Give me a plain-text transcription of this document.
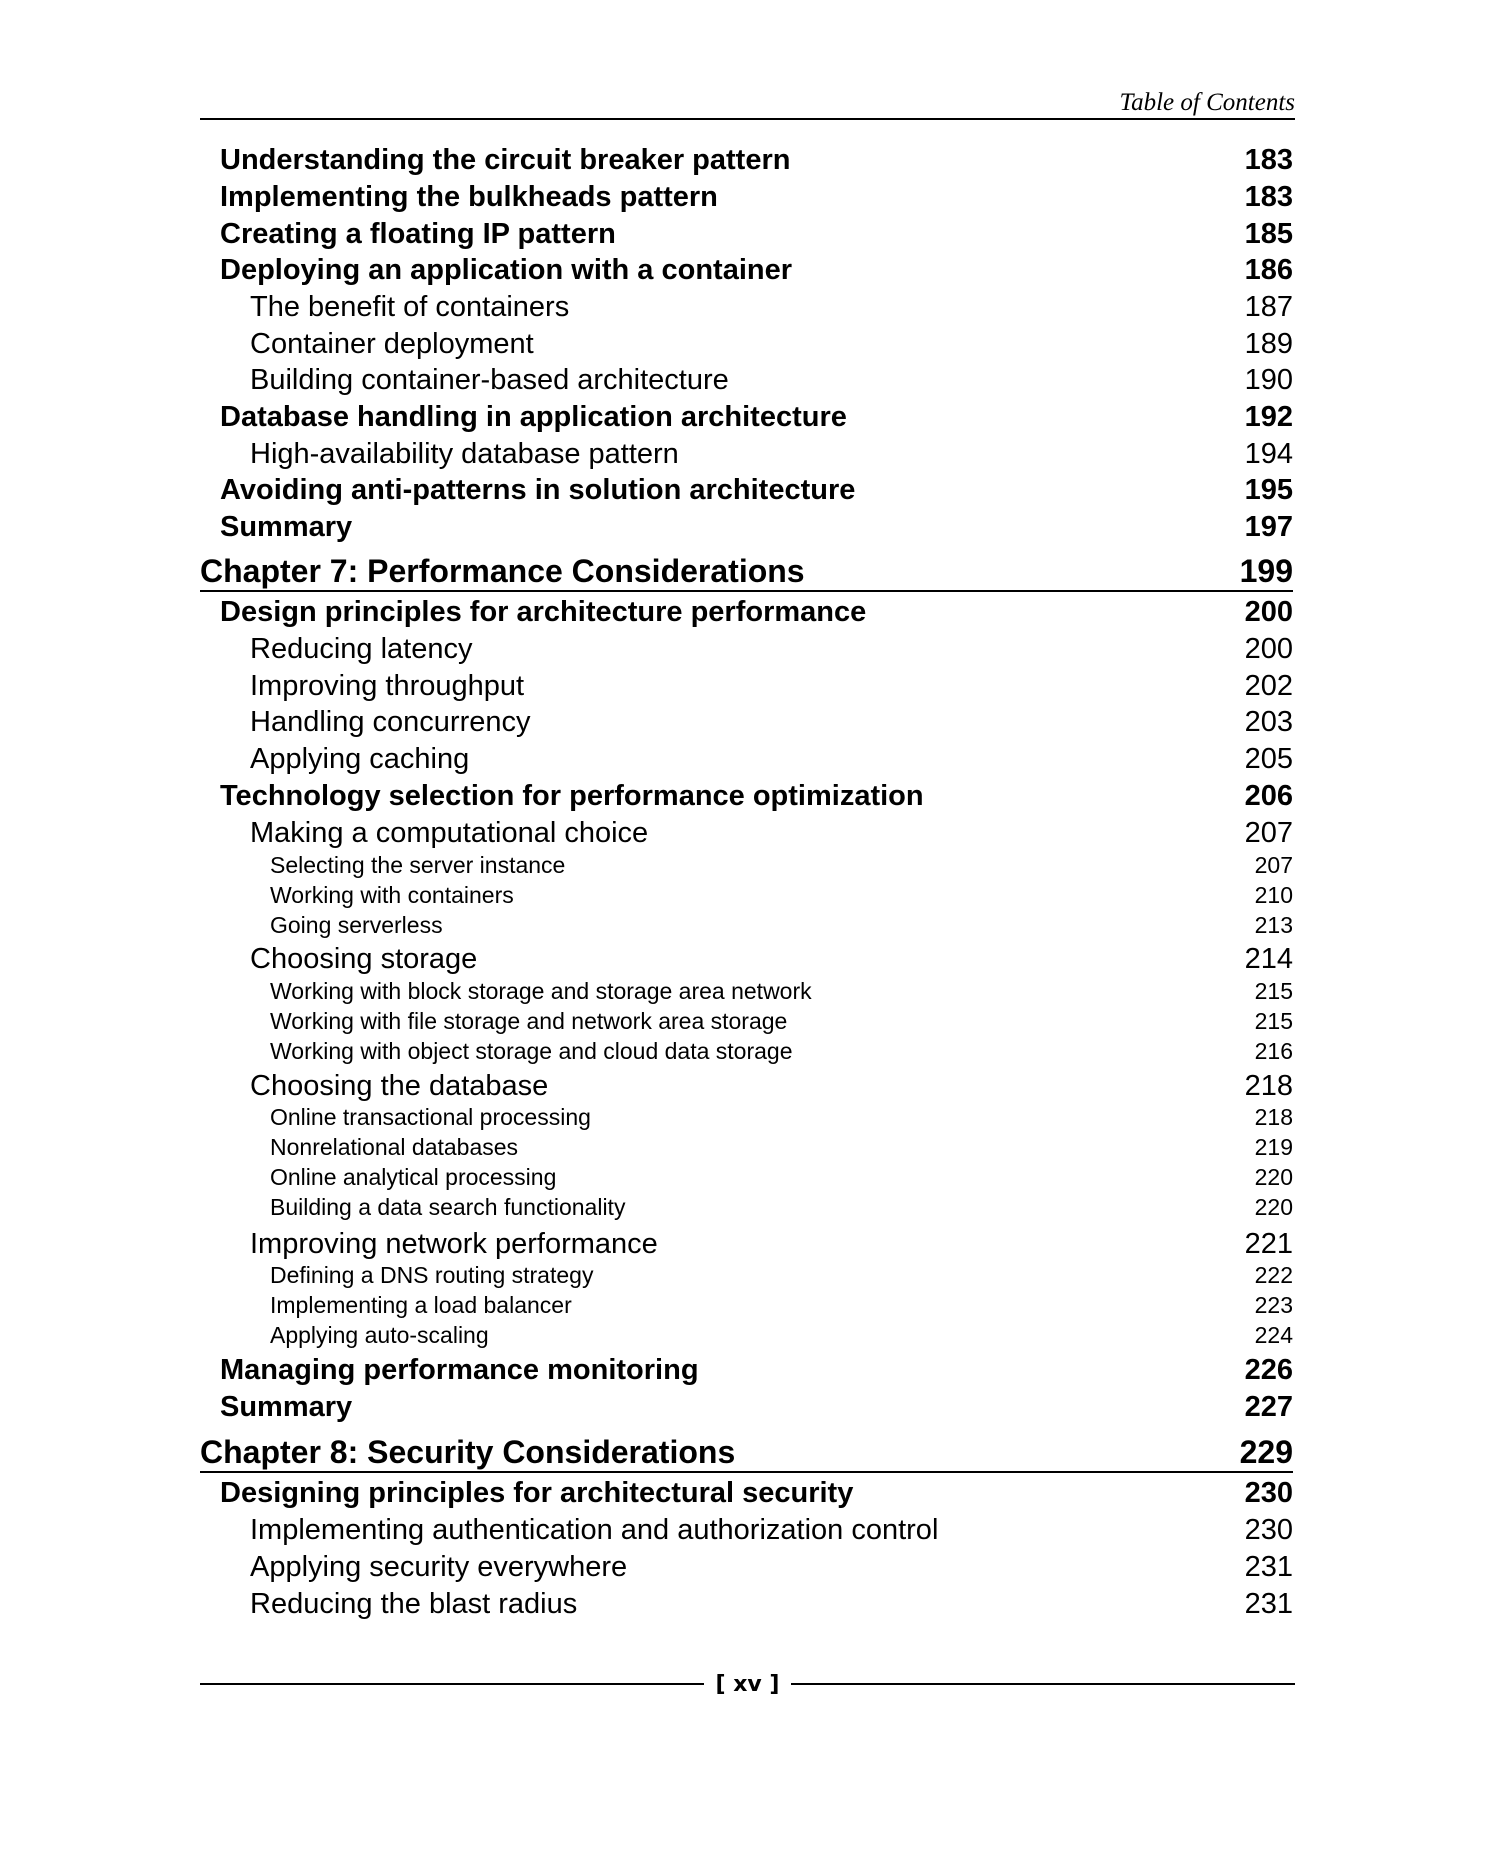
Table of Contents
Understanding the circuit breaker pattern	183
Implementing the bulkheads pattern	183
Creating a floating IP pattern	185
Deploying an application with a container	186
The benefit of containers	187
Container deployment	189
Building container-based architecture	190
Database handling in application architecture	192
High-availability database pattern	194
Avoiding anti-patterns in solution architecture	195
Summary	197
Chapter 7: Performance Considerations	199
Design principles for architecture performance	200
Reducing latency	200
Improving throughput	202
Handling concurrency	203
Applying caching	205
Technology selection for performance optimization	206
Making a computational choice	207
Selecting the server instance	207
Working with containers	210
Going serverless	213
Choosing storage	214
Working with block storage and storage area network	215
Working with file storage and network area storage	215
Working with object storage and cloud data storage	216
Choosing the database	218
Online transactional processing	218
Nonrelational databases	219
Online analytical processing	220
Building a data search functionality	220
Improving network performance	221
Defining a DNS routing strategy	222
Implementing a load balancer	223
Applying auto-scaling	224
Managing performance monitoring	226
Summary	227
Chapter 8: Security Considerations	229
Designing principles for architectural security	230
Implementing authentication and authorization control	230
Applying security everywhere	231
Reducing the blast radius	231
[ xv ]
